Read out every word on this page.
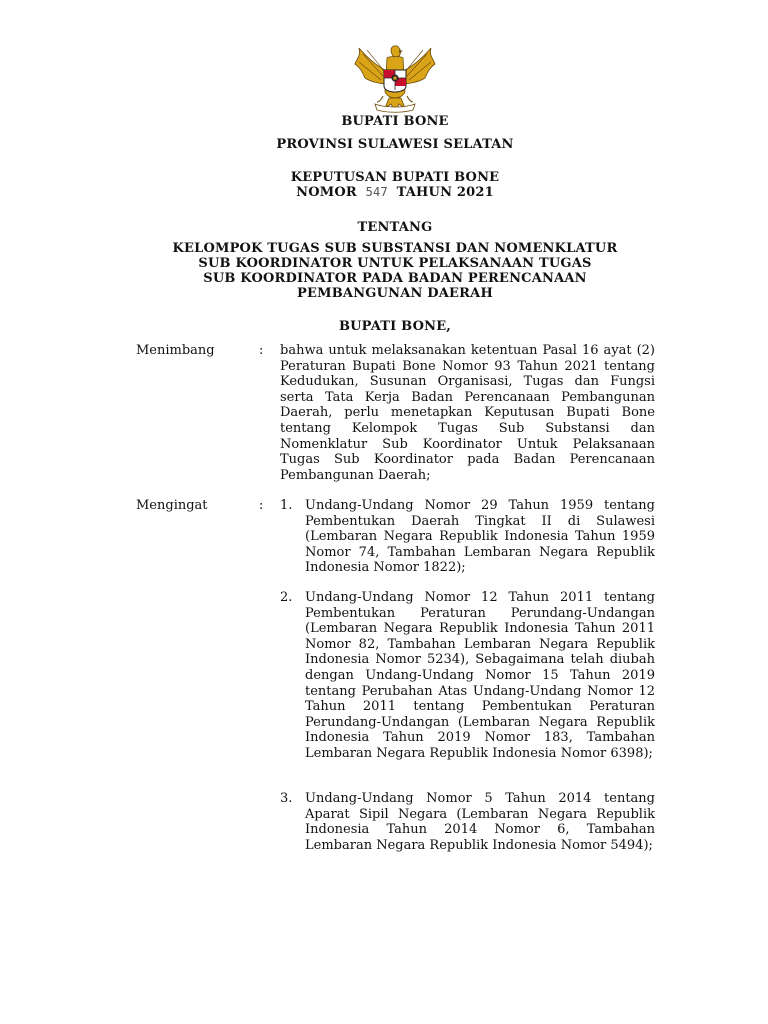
BUPATI BONE
PROVINSI SULAWESI SELATAN
KEPUTUSAN BUPATI BONE
NOMOR 547 TAHUN 2021
TENTANG
KELOMPOK TUGAS SUB SUBSTANSI DAN NOMENKLATUR
SUB KOORDINATOR UNTUK PELAKSANAAN TUGAS
SUB KOORDINATOR PADA BADAN PERENCANAAN
PEMBANGUNAN DAERAH
BUPATI BONE,
Menimbang	: bahwa untuk melaksanakan ketentuan Pasal 16 ayat (2) Peraturan Bupati Bone Nomor 93 Tahun 2021 tentang Kedudukan, Susunan Organisasi, Tugas dan Fungsi serta Tata Kerja Badan Perencanaan Pembangunan Daerah, perlu menetapkan Keputusan Bupati Bone tentang Kelompok Tugas Sub Substansi dan Nomenklatur Sub Koordinator Untuk Pelaksanaan Tugas Sub Koordinator pada Badan Perencanaan Pembangunan Daerah;
Mengingat	: 1. Undang-Undang Nomor 29 Tahun 1959 tentang Pembentukan Daerah Tingkat II di Sulawesi (Lembaran Negara Republik Indonesia Tahun 1959 Nomor 74, Tambahan Lembaran Negara Republik Indonesia Nomor 1822);
2. Undang-Undang Nomor 12 Tahun 2011 tentang Pembentukan Peraturan Perundang-Undangan (Lembaran Negara Republik Indonesia Tahun 2011 Nomor 82, Tambahan Lembaran Negara Republik Indonesia Nomor 5234), Sebagaimana telah diubah dengan Undang-Undang Nomor 15 Tahun 2019 tentang Perubahan Atas Undang-Undang Nomor 12 Tahun 2011 tentang Pembentukan Peraturan Perundang-Undangan (Lembaran Negara Republik Indonesia Tahun 2019 Nomor 183, Tambahan Lembaran Negara Republik Indonesia Nomor 6398);
3. Undang-Undang Nomor 5 Tahun 2014 tentang Aparat Sipil Negara (Lembaran Negara Republik Indonesia Tahun 2014 Nomor 6, Tambahan Lembaran Negara Republik Indonesia Nomor 5494);
